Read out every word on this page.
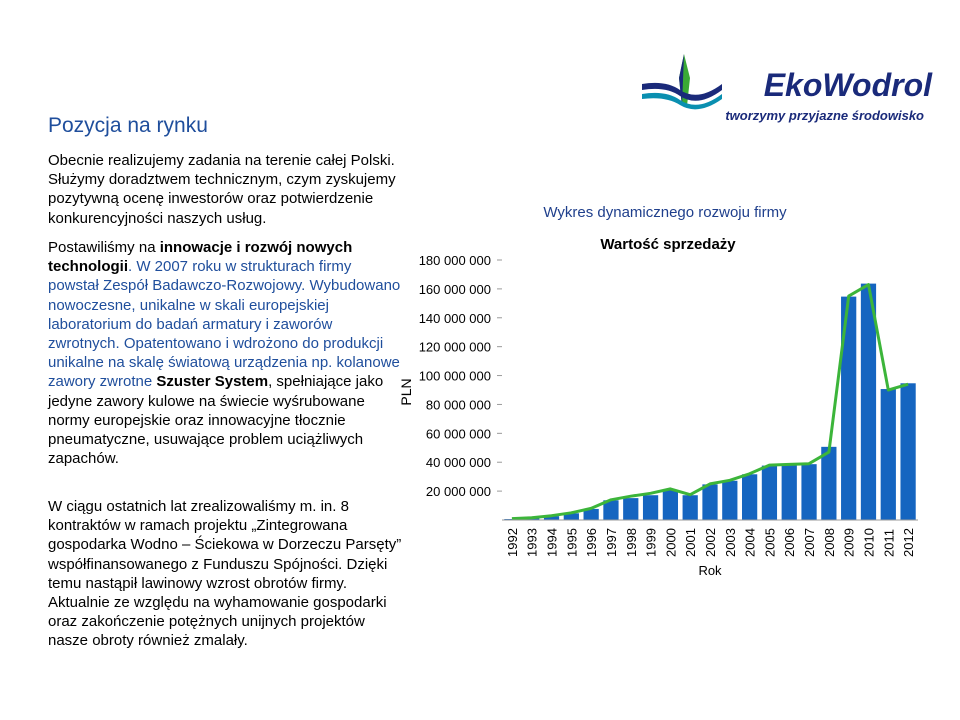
EkoWodrol
tworzymy przyjazne środowisko
Pozycja na rynku

Obecnie realizujemy zadania na terenie całej Polski. Służymy doradztwem technicznym, czym zyskujemy pozytywną ocenę inwestorów oraz potwierdzenie konkurencyjności naszych usług.

Postawiliśmy na innowacje i rozwój nowych technologii. W 2007 roku w strukturach firmy powstał Zespół Badawczo-Rozwojowy. Wybudowano nowoczesne, unikalne w skali europejskiej laboratorium do badań armatury i zaworów zwrotnych. Opatentowano i wdrożono do produkcji unikalne na skalę światową urządzenia np. kolanowe zawory zwrotne Szuster System, spełniające jako jedyne zawory kulowe na świecie wyśrubowane normy europejskie oraz innowacyjne tłocznie pneumatyczne, usuwające problem uciążliwych zapachów.

W ciągu ostatnich lat zrealizowaliśmy m. in. 8 kontraktów w ramach projektu „Zintegrowana gospodarka Wodno – Ściekowa w Dorzeczu Parsęty” współfinansowanego z Funduszu Spójności. Dzięki temu nastąpił lawinowy wzrost obrotów firmy. Aktualnie ze względu na wyhamowanie gospodarki oraz zakończenie potężnych unijnych projektów nasze obroty również zmalały.

Wykres dynamicznego rozwoju firmy
Wartość sprzedaży
PLN
Rok
20 000 000
40 000 000
60 000 000
80 000 000
100 000 000
120 000 000
140 000 000
160 000 000
180 000 000
1992 1993 1994 1995 1996 1997 1998 1999 2000 2001 2002 2003 2004 2005 2006 2007 2008 2009 2010 2011 2012
